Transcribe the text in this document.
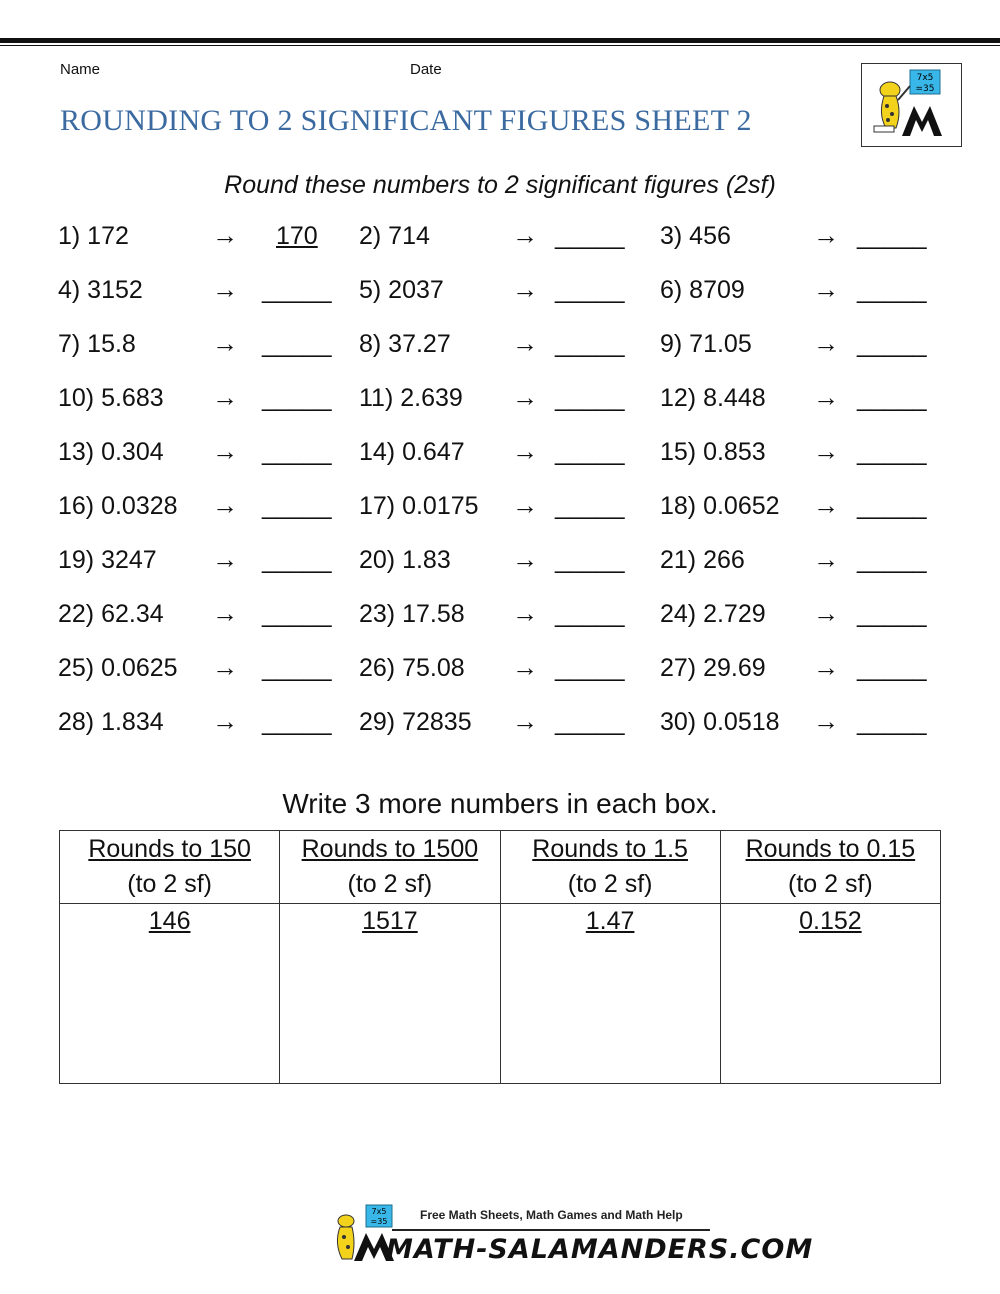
Name	Date
ROUNDING TO 2 SIGNIFICANT FIGURES SHEET 2
7x5
=35
Round these numbers to 2 significant figures (2sf)
1) 172	→ 170 2) 714	→ _____ 3) 456	→ _____
4) 3152	→ _____ 5) 2037	→ _____ 6) 8709	→ _____
7) 15.8	→ _____ 8) 37.27 → _____ 9) 71.05 → _____
10) 5.683 → _____ 11) 2.639 → _____ 12) 8.448 → _____
13) 0.304 → _____ 14) 0.647 → _____ 15) 0.853 → _____
16) 0.0328 → _____ 17) 0.0175 → _____ 18) 0.0652 → _____
19) 3247 → _____ 20) 1.83 → _____ 21) 266	→ _____
22) 62.34 → _____ 23) 17.58 → _____ 24) 2.729 → _____
25) 0.0625 → _____ 26) 75.08 → _____ 27) 29.69 → _____
28) 1.834 → _____ 29) 72835 → _____ 30) 0.0518 → _____
Write 3 more numbers in each box.
Rounds to 150
(to 2 sf)	Rounds to 1500
(to 2 sf)	Rounds to 1.5
(to 2 sf)	Rounds to 0.15
(to 2 sf)
146	1517	1.47	0.152
7x5
=35	Free Math Sheets, Math Games and Math Help
MATH-SALAMANDERS.COM
